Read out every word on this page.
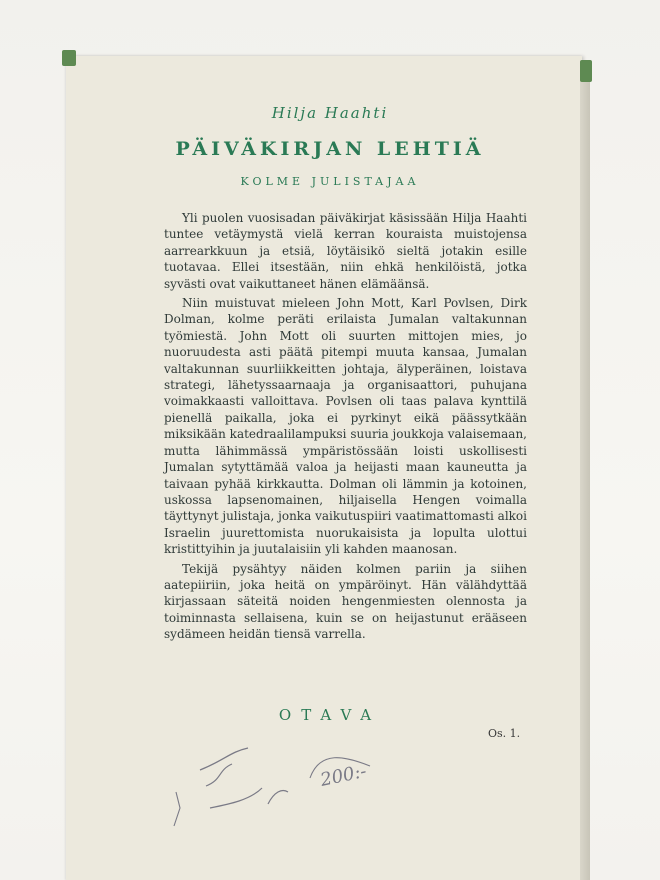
Hilja Haahti
PÄIVÄKIRJAN LEHTIÄ
KOLME JULISTAJAA

Yli puolen vuosisadan päiväkirjat käsissään Hilja Haahti tuntee vetäymystä vielä kerran kouraista muistojensa aarrearkkuun ja etsiä, löytäisikö sieltä jotakin esille tuotavaa. Ellei itsestään, niin ehkä henkilöistä, jotka syvästi ovat vaikuttaneet hänen elämäänsä.

Niin muistuvat mieleen John Mott, Karl Povlsen, Dirk Dolman, kolme peräti erilaista Jumalan valtakunnan työmiestä. John Mott oli suurten mittojen mies, jo nuoruudesta asti päätä pitempi muuta kansaa, Jumalan valtakunnan suurliikkeitten johtaja, älyperäinen, loistava strategi, lähetyssaarnaaja ja organisaattori, puhujana voimakkaasti valloittava. Povlsen oli taas palava kynttilä pienellä paikalla, joka ei pyrkinyt eikä päässytkään miksikään katedraalilampuksi suuria joukkoja valaisemaan, mutta lähimmässä ympäristössään loisti uskollisesti Jumalan sytyttämää valoa ja heijasti maan kauneutta ja taivaan pyhää kirkkautta. Dolman oli lämmin ja kotoinen, uskossa lapsenomainen, hiljaisella Hengen voimalla täyttynyt julistaja, jonka vaikutuspiiri vaatimattomasti alkoi Israelin juurettomista nuorukaisista ja lopulta ulottui kristittyihin ja juutalaisiin yli kahden maanosan.

Tekijä pysähtyy näiden kolmen pariin ja siihen aatepiiriin, joka heitä on ympäröinyt. Hän välähdyttää kirjassaan säteitä noiden hengenmiesten olennosta ja toiminnasta sellaisena, kuin se on heijastunut erääseen sydämeen heidän tiensä varrella.

OTAVA
Os. 1.
200:-
